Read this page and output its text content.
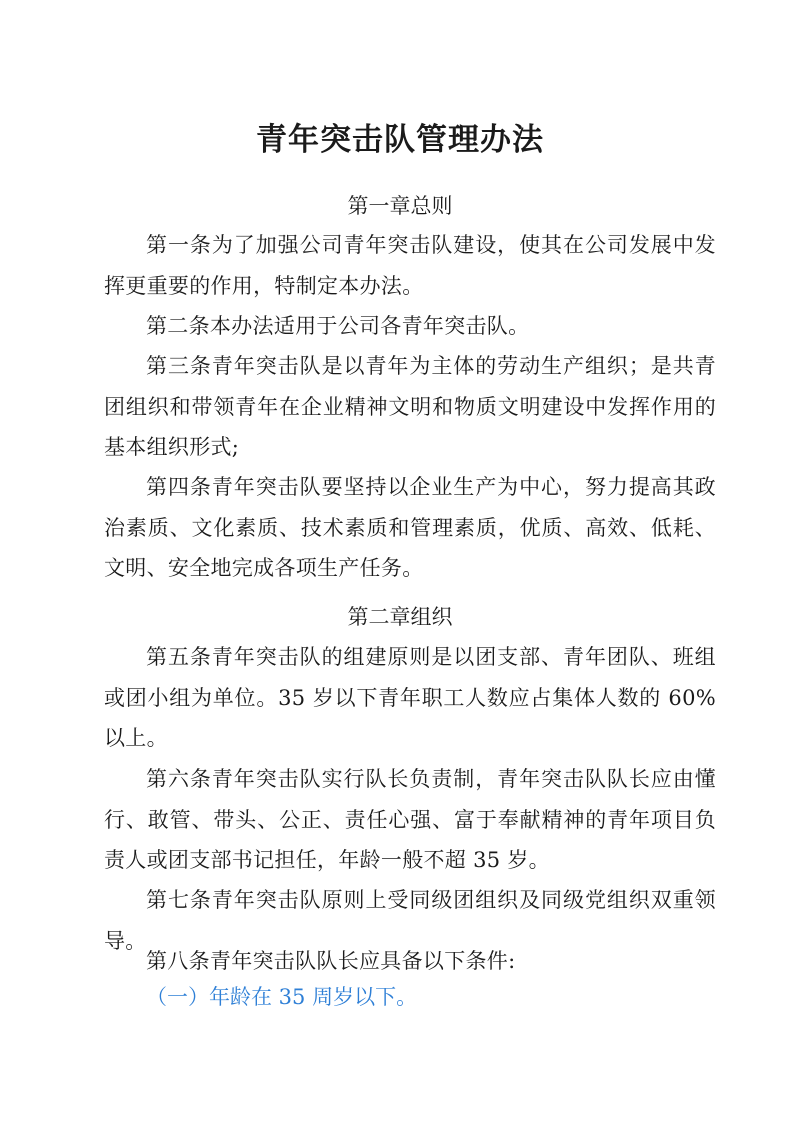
青年突击队管理办法
第一章总则
第一条为了加强公司青年突击队建设，使其在公司发展中发挥更重要的作用，特制定本办法。
第二条本办法适用于公司各青年突击队。
第三条青年突击队是以青年为主体的劳动生产组织；是共青团组织和带领青年在企业精神文明和物质文明建设中发挥作用的基本组织形式;
第四条青年突击队要坚持以企业生产为中心，努力提高其政治素质、文化素质、技术素质和管理素质，优质、高效、低耗、文明、安全地完成各项生产任务。
第二章组织
第五条青年突击队的组建原则是以团支部、青年团队、班组或团小组为单位。35 岁以下青年职工人数应占集体人数的 60% 以上。
第六条青年突击队实行队长负责制，青年突击队队长应由懂行、敢管、带头、公正、责任心强、富于奉献精神的青年项目负责人或团支部书记担任，年龄一般不超 35 岁。
第七条青年突击队原则上受同级团组织及同级党组织双重领导。
第八条青年突击队队长应具备以下条件:
（一）年龄在 35 周岁以下。
